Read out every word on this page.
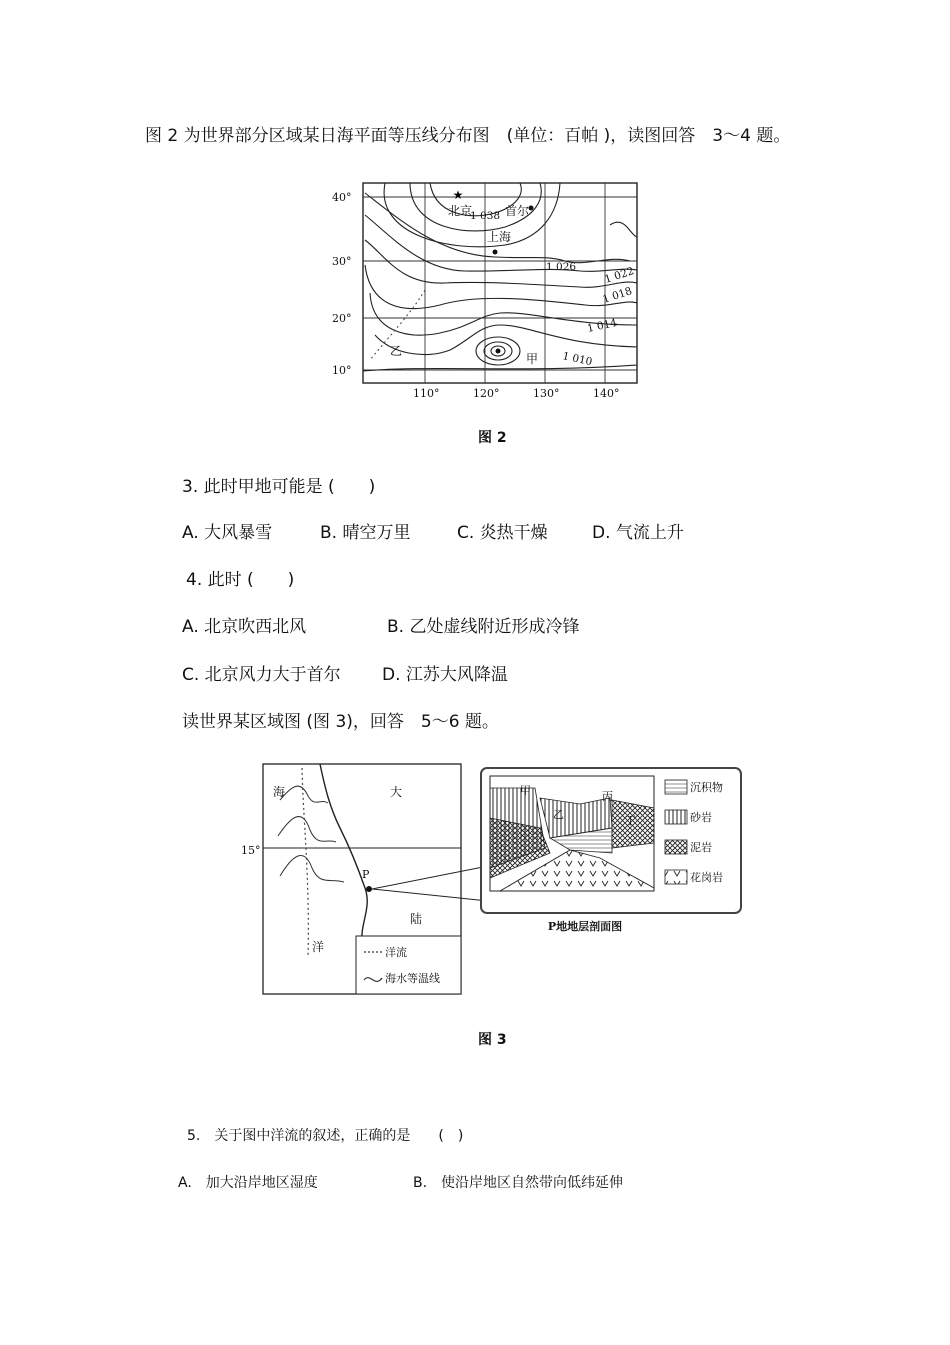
图 2 为世界部分区域某日海平面等压线分布图　(单位：百帕 )，读图回答　3～4 题。
★
40°
30°
20°
10°
110°	120°	130°	140°
北京	首尔
上海
甲
乙
1 038
1 026	1 022
1 018
1 014
1 010
图 2
3. 此时甲地可能是 (　　)
A. 大风暴雪	B. 晴空万里	C. 炎热干燥	D. 气流上升
4. 此时 (　　)
A. 北京吹西北风	B. 乙处虚线附近形成冷锋
C. 北京风力大于首尔 D. 江苏大风降温
读世界某区域图 (图 3)，回答　5～6 题。
海	大
陆
洋
15°
P
洋流
海水等温线
甲
乙
丙
丁
沉积物
砂岩
泥岩
花岗岩
P地地层剖面图
图 3
5.　关于图中洋流的叙述，正确的是　　(　)
A.　加大沿岸地区湿度	B.　使沿岸地区自然带向低纬延伸
